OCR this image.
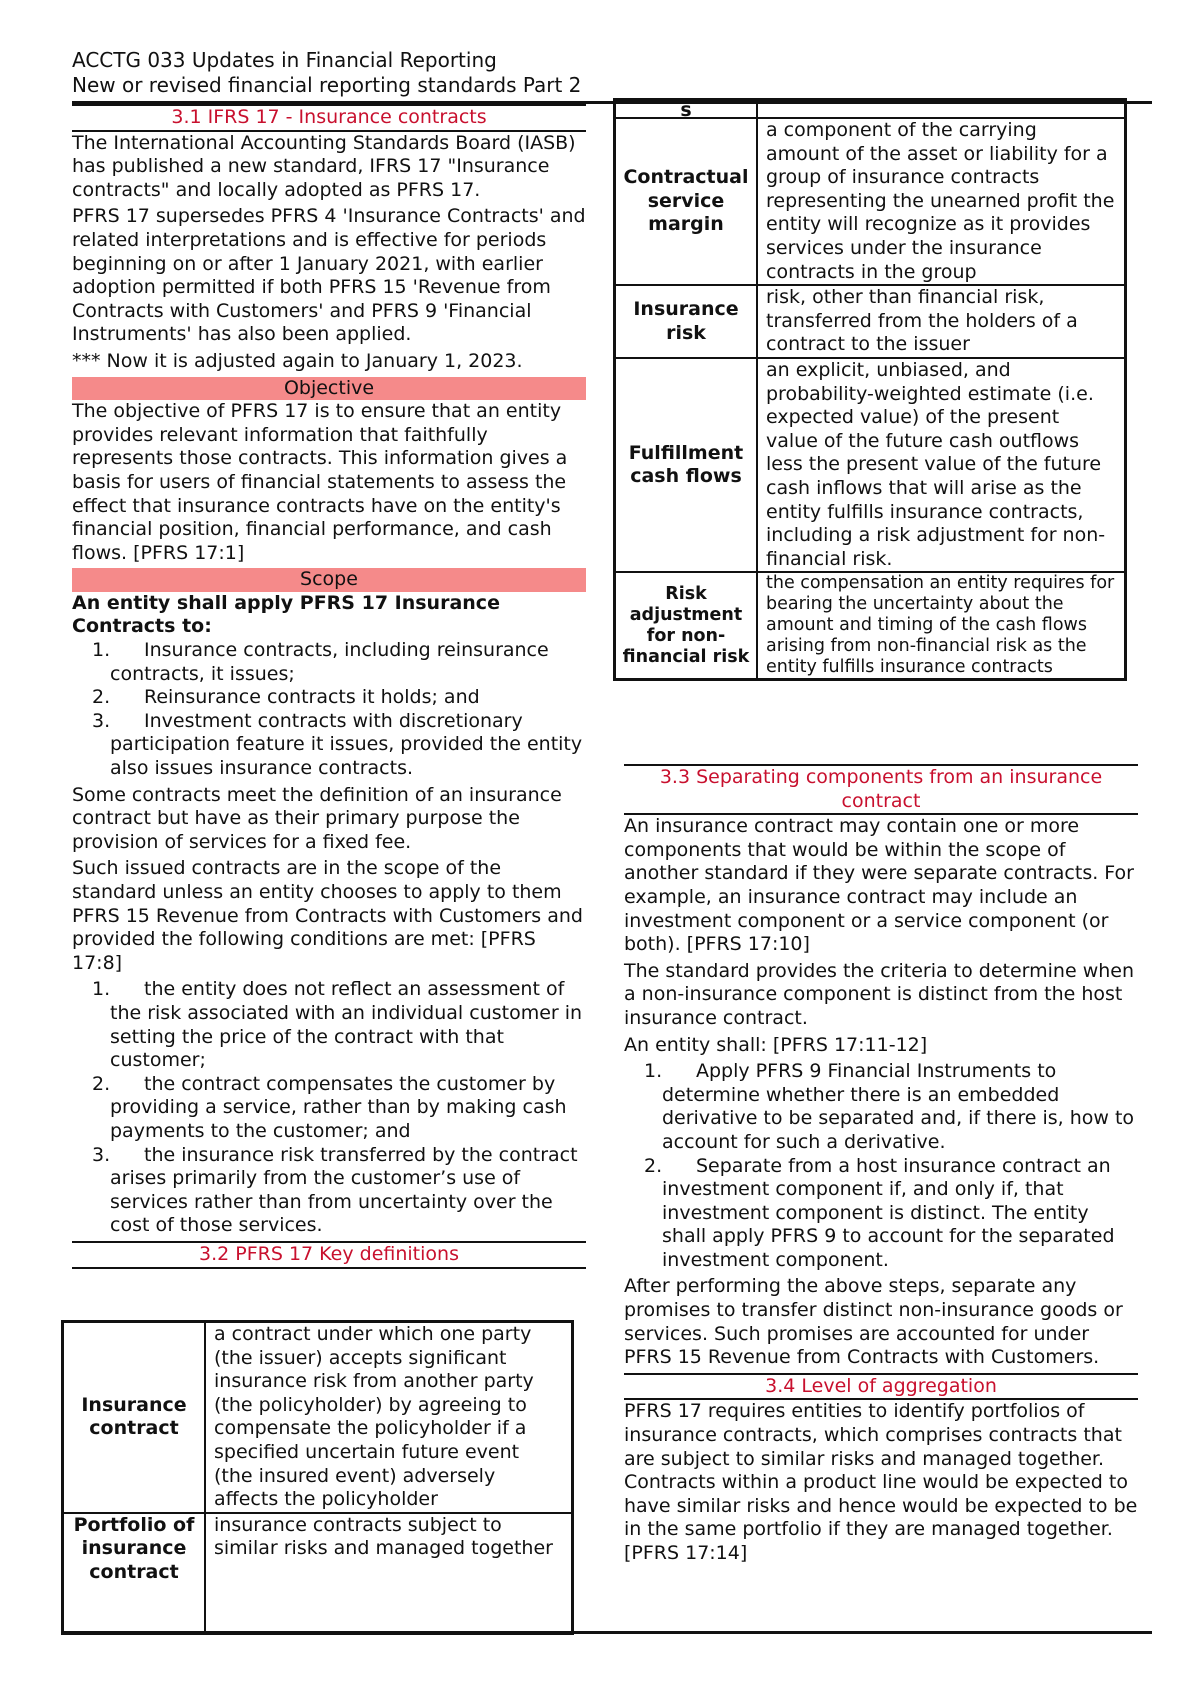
ACCTG 033 Updates in Financial Reporting
New or revised financial reporting standards Part 2
3.1 IFRS 17 - Insurance contracts

The International Accounting Standards Board (IASB) has published a new standard, IFRS 17 "Insurance contracts" and locally adopted as PFRS 17.

PFRS 17 supersedes PFRS 4 'Insurance Contracts' and related interpretations and is effective for periods beginning on or after 1 January 2021, with earlier adoption permitted if both PFRS 15 'Revenue from Contracts with Customers' and PFRS 9 'Financial Instruments' has also been applied.

*** Now it is adjusted again to January 1, 2023.

Objective

The objective of PFRS 17 is to ensure that an entity provides relevant information that faithfully represents those contracts. This information gives a basis for users of financial statements to assess the effect that insurance contracts have on the entity's financial position, financial performance, and cash flows. [PFRS 17:1]

Scope
An entity shall apply PFRS 17 Insurance Contracts to:
1. Insurance contracts, including reinsurance contracts, it issues;
2. Reinsurance contracts it holds; and
3. Investment contracts with discretionary participation feature it issues, provided the entity also issues insurance contracts.

Some contracts meet the definition of an insurance contract but have as their primary purpose the provision of services for a fixed fee.

Such issued contracts are in the scope of the standard unless an entity chooses to apply to them PFRS 15 Revenue from Contracts with Customers and provided the following conditions are met: [PFRS 17:8]

1. the entity does not reflect an assessment of the risk associated with an individual customer in setting the price of the contract with that customer;
2. the contract compensates the customer by providing a service, rather than by making cash payments to the customer; and
3. the insurance risk transferred by the contract arises primarily from the customer’s use of services rather than from uncertainty over the cost of those services.
3.2 PFRS 17 Key definitions
Insurance contract	a contract under which one party (the issuer) accepts significant insurance risk from another party (the policyholder) by agreeing to compensate the policyholder if a specified uncertain future event (the insured event) adversely affects the policyholder
Portfolio of insurance contract	insurance contracts subject to similar risks and managed together
s	
Contractual service margin	a component of the carrying amount of the asset or liability for a group of insurance contracts representing the unearned profit the entity will recognize as it provides services under the insurance contracts in the group
Insurance risk	risk, other than financial risk, transferred from the holders of a contract to the issuer
Fulfillment cash flows	an explicit, unbiased, and probability-weighted estimate (i.e. expected value) of the present value of the future cash outflows less the present value of the future cash inflows that will arise as the entity fulfills insurance contracts, including a risk adjustment for non-financial risk.
Risk adjustment for non-financial risk	the compensation an entity requires for bearing the uncertainty about the amount and timing of the cash flows arising from non-financial risk as the entity fulfills insurance contracts
3.3 Separating components from an insurance contract

An insurance contract may contain one or more components that would be within the scope of another standard if they were separate contracts. For example, an insurance contract may include an investment component or a service component (or both). [PFRS 17:10]

The standard provides the criteria to determine when a non-insurance component is distinct from the host insurance contract.

An entity shall: [PFRS 17:11-12]

1. Apply PFRS 9 Financial Instruments to determine whether there is an embedded derivative to be separated and, if there is, how to account for such a derivative.
2. Separate from a host insurance contract an investment component if, and only if, that investment component is distinct. The entity shall apply PFRS 9 to account for the separated investment component.

After performing the above steps, separate any promises to transfer distinct non-insurance goods or services. Such promises are accounted for under PFRS 15 Revenue from Contracts with Customers.

3.4 Level of aggregation

PFRS 17 requires entities to identify portfolios of insurance contracts, which comprises contracts that are subject to similar risks and managed together. Contracts within a product line would be expected to have similar risks and hence would be expected to be in the same portfolio if they are managed together. [PFRS 17:14]
